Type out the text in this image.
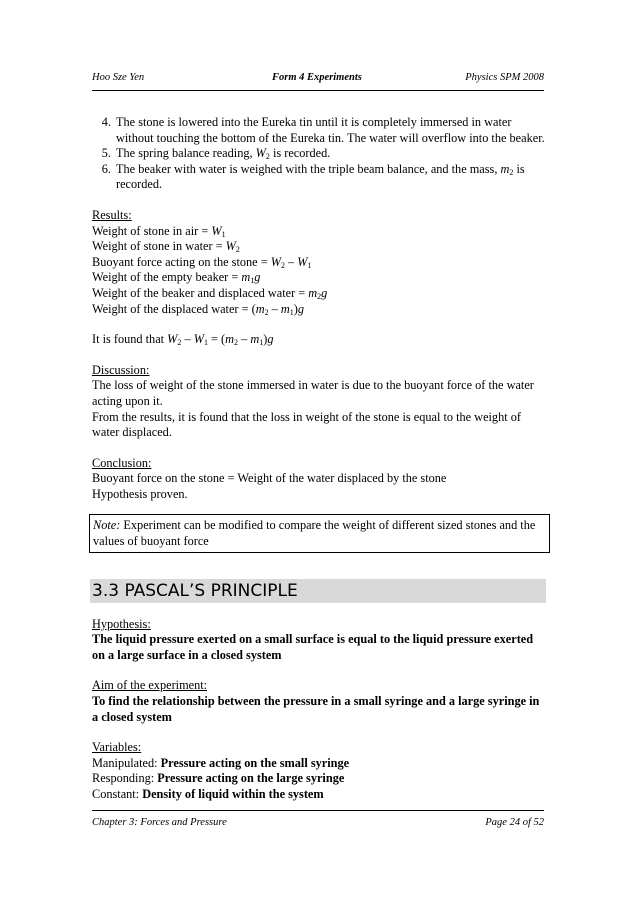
Hoo Sze Yen	Form 4 Experiments	Physics SPM 2008
4. The stone is lowered into the Eureka tin until it is completely immersed in water without touching the bottom of the Eureka tin. The water will overflow into the beaker.
5. The spring balance reading, $W_2$ is recorded.
6. The beaker with water is weighed with the triple beam balance, and the mass, $m_2$ is recorded.
Results:
Weight of stone in air = $W_1$
Weight of stone in water = $W_2$
Buoyant force acting on the stone = $W_2 - W_1$
Weight of the empty beaker = $m_1g$
Weight of the beaker and displaced water = $m_2g$
Weight of the displaced water = $(m_2 - m_1)g$
It is found that $W_2 - W_1 = (m_2 - m_1)g$
Discussion:
The loss of weight of the stone immersed in water is due to the buoyant force of the water acting upon it.
From the results, it is found that the loss in weight of the stone is equal to the weight of water displaced.
Conclusion:
Buoyant force on the stone = Weight of the water displaced by the stone
Hypothesis proven.
Note: Experiment can be modified to compare the weight of different sized stones and the values of buoyant force
3.3 PASCAL’S PRINCIPLE
Hypothesis:
The liquid pressure exerted on a small surface is equal to the liquid pressure exerted on a large surface in a closed system
Aim of the experiment:
To find the relationship between the pressure in a small syringe and a large syringe in a closed system
Variables:
Manipulated: Pressure acting on the small syringe
Responding: Pressure acting on the large syringe
Constant: Density of liquid within the system
Chapter 3: Forces and Pressure	Page 24 of 52
